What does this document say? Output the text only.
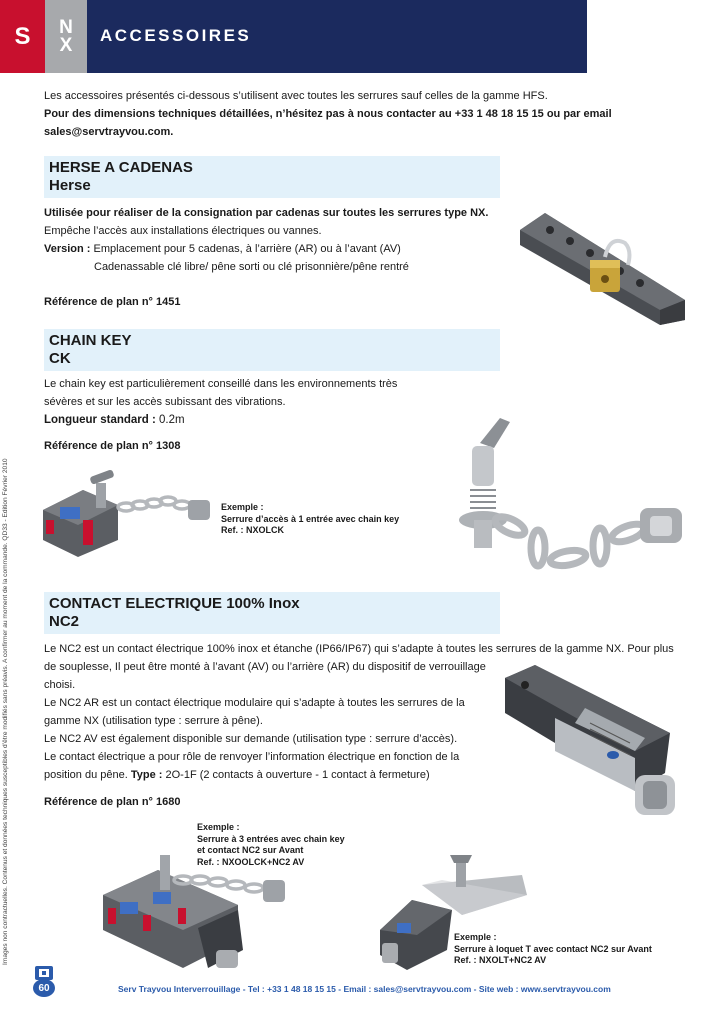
S N
X ACCESSOIRES
Les accessoires présentés ci-dessous s’utilisent avec toutes les serrures sauf celles de la gamme HFS.
Pour des dimensions techniques détaillées, n’hésitez pas à nous contacter au +33 1 48 18 15 15 ou par email
sales@servtrayvou.com.
HERSE A CADENAS
Herse
Utilisée pour réaliser de la consignation par cadenas sur toutes les serrures type NX.
Empêche l’accès aux installations électriques ou vannes.
Version : Emplacement pour 5 cadenas, à l’arrière (AR) ou à l’avant (AV)
Cadenassable clé libre/ pêne sorti ou clé prisonnière/pêne rentré
Référence de plan n° 1451
CHAIN KEY
CK
Le chain key est particulièrement conseillé dans les environnements très
sévères et sur les accès subissant des vibrations.
Longueur standard : 0.2m
Référence de plan n° 1308
Exemple :
Serrure d’accès à 1 entrée avec chain key
Ref. : NXOLCK
CONTACT ELECTRIQUE 100% Inox
NC2
Le NC2 est un contact électrique 100% inox et étanche (IP66/IP67) qui s’adapte à toutes les serrures de la gamme NX. Pour plus
de souplesse, Il peut être monté à l’avant (AV) ou l’arrière (AR) du dispositif de verrouillage
choisi.
Le NC2 AR est un contact électrique modulaire qui s’adapte à toutes les serrures de la
gamme NX (utilisation type : serrure à pêne).
Le NC2 AV est également disponible sur demande (utilisation type : serrure d’accès).
Le contact électrique a pour rôle de renvoyer l’information électrique en fonction de la
position du pêne. Type : 2O-1F (2 contacts à ouverture - 1 contact à fermeture)
Référence de plan n° 1680
Exemple :
Serrure à 3 entrées avec chain key
et contact NC2 sur Avant
Ref. : NXOOLCK+NC2 AV
Exemple :
Serrure à loquet T avec contact NC2 sur Avant
Ref. : NXOLT+NC2 AV
Images non contractuelles. Contenus et données techniques susceptibles d’être modifiés sans préavis. A confirmer au moment de la commande. QD33 - Edition Février 2010
60	Serv Trayvou Interverrouillage - Tel : +33 1 48 18 15 15 - Email : sales@servtrayvou.com - Site web : www.servtrayvou.com
